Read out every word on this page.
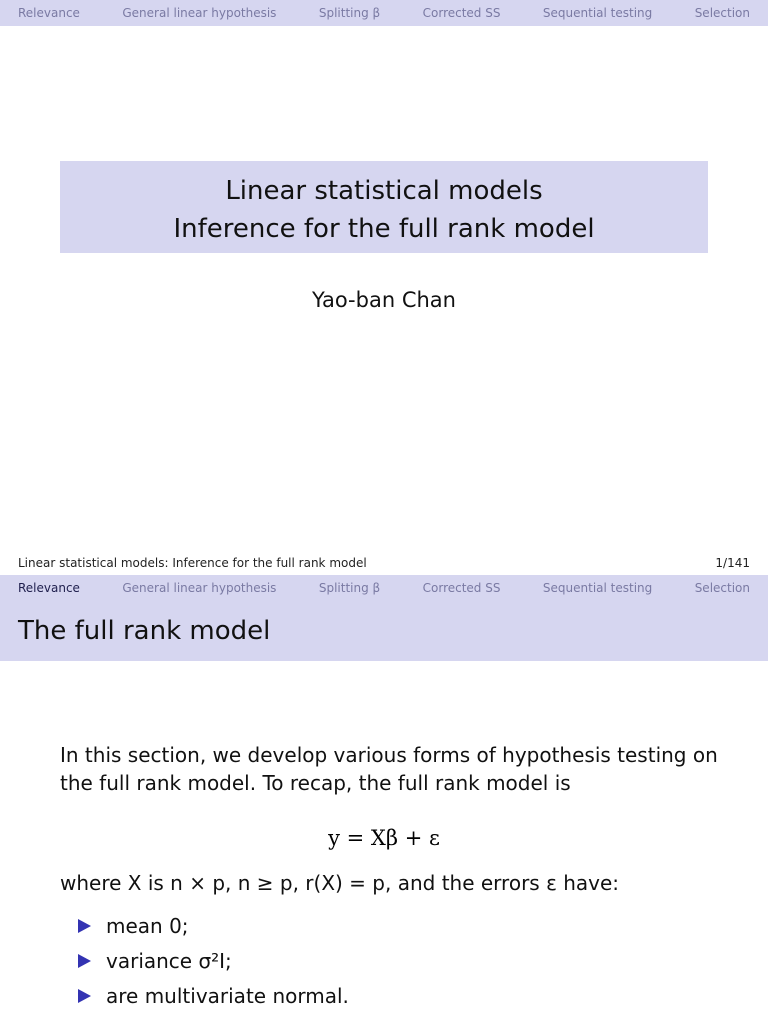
Relevance	General linear hypothesis	Splitting β	Corrected SS	Sequential testing	Selection
Linear statistical models
Inference for the full rank model
Yao-ban Chan
Linear statistical models: Inference for the full rank model	1/141
Relevance	General linear hypothesis	Splitting β	Corrected SS	Sequential testing	Selection
The full rank model
In this section, we develop various forms of hypothesis testing on
the full rank model. To recap, the full rank model is
y = Xβ + ε
where X is n × p, n ≥ p, r(X) = p, and the errors ε have:
mean 0;
variance σ²I;
are multivariate normal.
